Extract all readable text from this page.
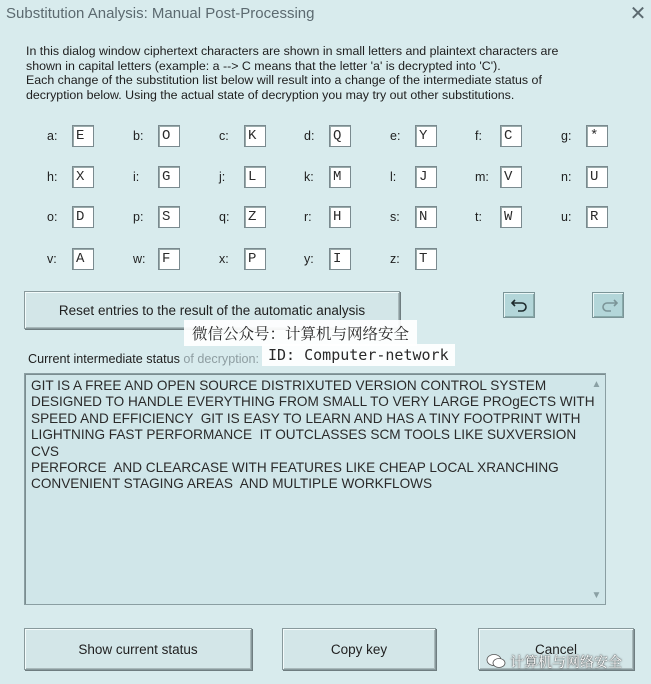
Substitution Analysis: Manual Post-Processing	✕

In this dialog window ciphertext characters are shown in small letters and plaintext characters are

shown in capital letters (example: a --> C means that the letter 'a' is decrypted into 'C').

Each change of the substitution list below will result into a change of the intermediate status of

decryption below. Using the actual state of decryption you may try out other substitutions.

a: E	b: O	c: K	d: Q	e: Y	f: C	g: *
h: X	i: G	j: L	k: M	l: J	m: V	n: U
o: D	p: S	q: Z	r: H	s: N	t: W	u: R
v: A	w: F	x: P	y: I	z: T
Reset entries to the result of the automatic analysis
微信公众号：计算机与网络安全
ID: Computer-network
Current intermediate status of decryption:
GIT IS A FREE AND OPEN SOURCE DISTRIXUTED VERSION CONTROL SYSTEM
DESIGNED TO HANDLE EVERYTHING FROM SMALL TO VERY LARGE PROgECTS WITH
SPEED AND EFFICIENCY  GIT IS EASY TO LEARN AND HAS A TINY FOOTPRINT WITH
LIGHTNING FAST PERFORMANCE  IT OUTCLASSES SCM TOOLS LIKE SUXVERSION  CVS
PERFORCE  AND CLEARCASE WITH FEATURES LIKE CHEAP LOCAL XRANCHING
CONVENIENT STAGING AREAS  AND MULTIPLE WORKFLOWS
▲
▼
Show current status	Copy key	Cancel
计算机与网络安全
